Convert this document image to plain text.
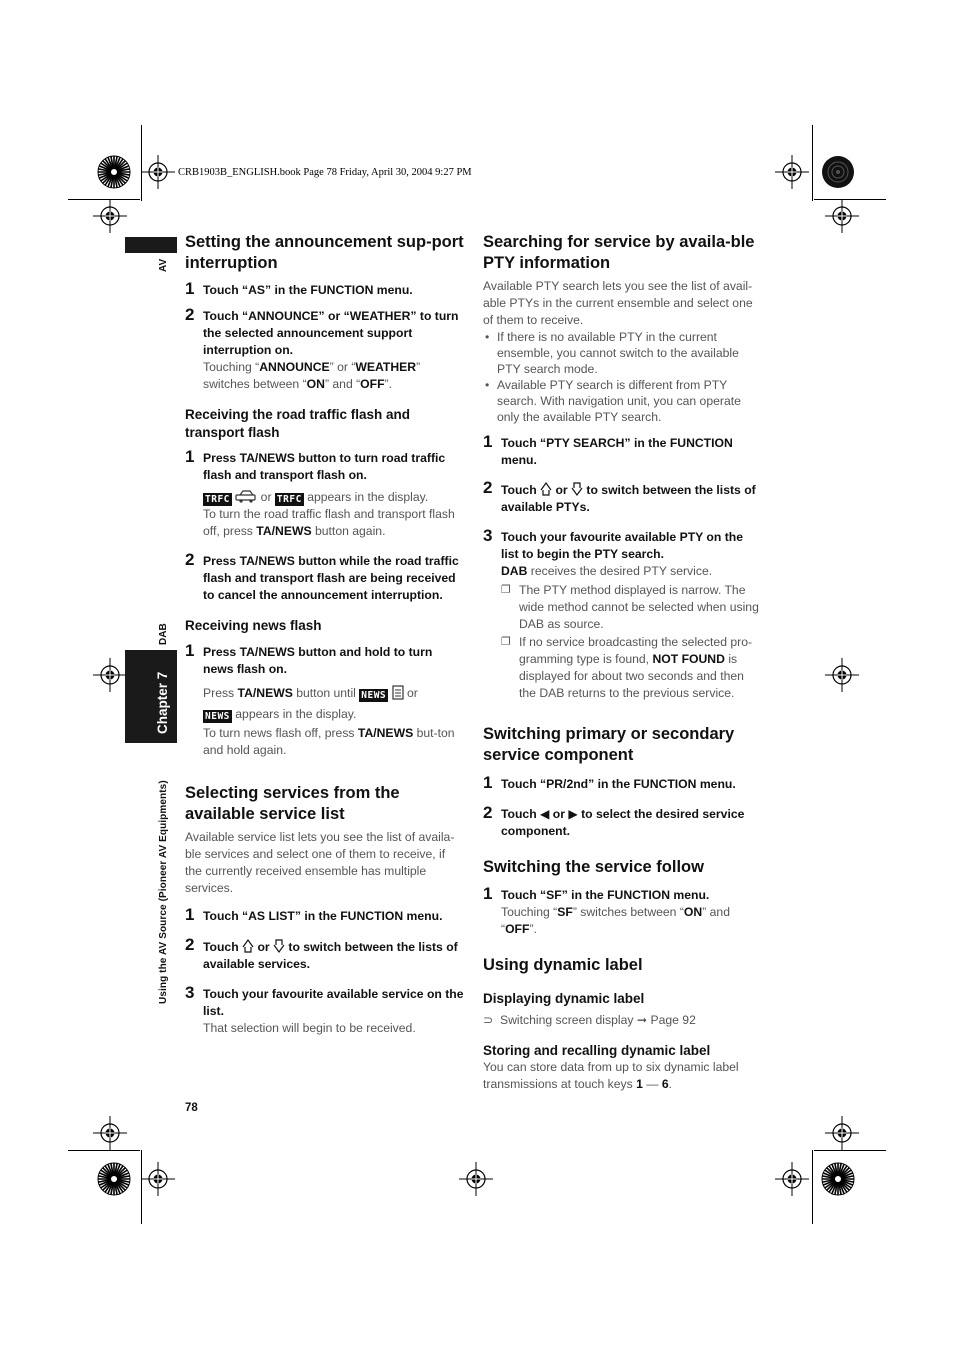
CRB1903B_ENGLISH.book Page 78 Friday, April 30, 2004 9:27 PM
AV
DAB
Chapter 7
Using the AV Source (Pioneer AV Equipments)
Setting the announcement sup-port interruption
1 Touch “AS” in the FUNCTION menu.
2 Touch “ANNOUNCE” or “WEATHER” to turn the selected announcement support interruption on.
Touching “ANNOUNCE” or “WEATHER” switches between “ON” and “OFF”.
Receiving the road traffic flash and transport flash
1 Press TA/NEWS button to turn road traffic flash and transport flash on.
TRFC	or TRFC appears in the display.
To turn the road traffic flash and transport flash off, press TA/NEWS button again.
2 Press TA/NEWS button while the road traffic flash and transport flash are being received to cancel the announcement interruption.
Receiving news flash
1 Press TA/NEWS button and hold to turn news flash on.
Press TA/NEWS button until NEWS or
NEWS appears in the display.
To turn news flash off, press TA/NEWS but-ton and hold again.
Selecting services from the available service list
Available service list lets you see the list of availa-ble services and select one of them to receive, if the currently received ensemble has multiple services.
1 Touch “AS LIST” in the FUNCTION menu.
2 Touch or to switch between the lists of available services.
3 Touch your favourite available service on the list.
That selection will begin to be received.
Searching for service by availa-ble PTY information
Available PTY search lets you see the list of avail-able PTYs in the current ensemble and select one of them to receive.
• If there is no available PTY in the current ensemble, you cannot switch to the available PTY search mode.
• Available PTY search is different from PTY search. With navigation unit, you can operate only the available PTY search.
1 Touch “PTY SEARCH” in the FUNCTION menu.
2 Touch or to switch between the lists of available PTYs.
3 Touch your favourite available PTY on the list to begin the PTY search.
DAB receives the desired PTY service.
❐ The PTY method displayed is narrow. The wide method cannot be selected when using DAB as source.
❐ If no service broadcasting the selected pro-gramming type is found, NOT FOUND is displayed for about two seconds and then the DAB returns to the previous service.
Switching primary or secondary service component
1 Touch “PR/2nd” in the FUNCTION menu.
2 Touch ◀ or ▶ to select the desired service component.
Switching the service follow
1 Touch “SF” in the FUNCTION menu.
Touching “SF” switches between “ON” and “OFF”.
Using dynamic label
Displaying dynamic label
⊃ Switching screen display ➞ Page 92
Storing and recalling dynamic label
You can store data from up to six dynamic label transmissions at touch keys 1 — 6.
78
